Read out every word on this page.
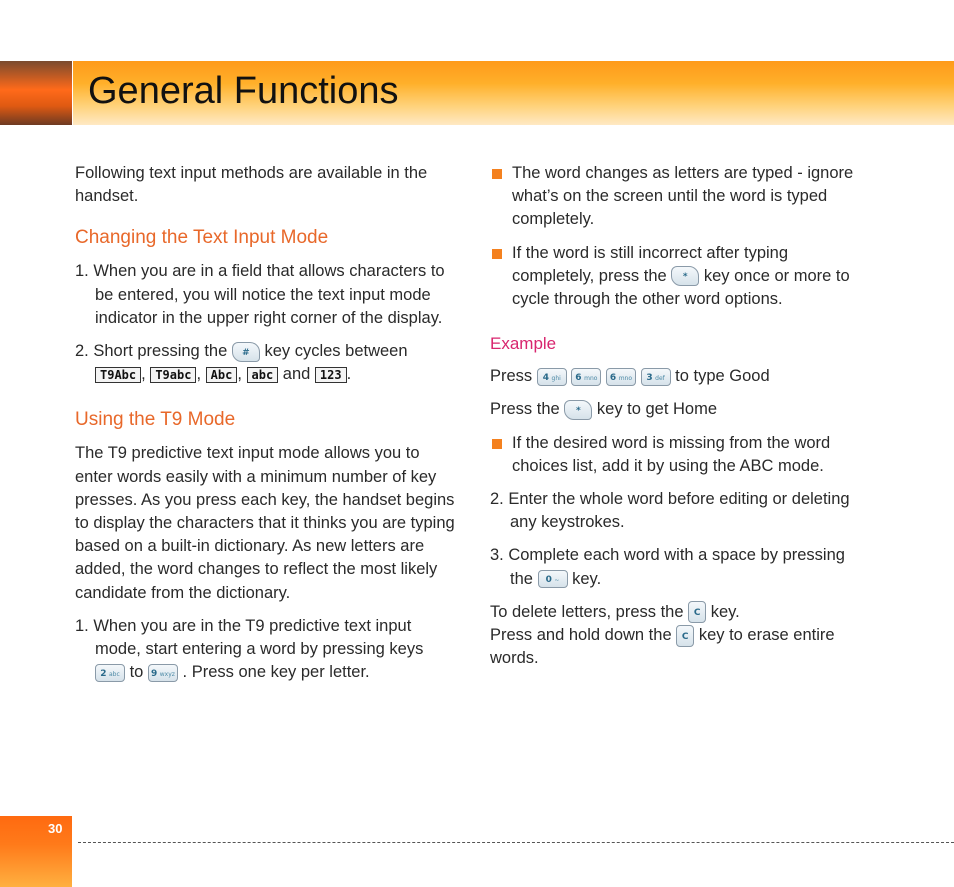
General Functions

Following text input methods are available in the handset.

Changing the Text Input Mode

1. When you are in a field that allows characters to be entered, you will notice the text input mode indicator in the upper right corner of the display.

2. Short pressing the # key cycles between
T9Abc , T9abc , Abc , abc and 123 .

Using the T9 Mode

The T9 predictive text input mode allows you to enter words easily with a minimum number of key presses. As you press each key, the handset begins to display the characters that it thinks you are typing based on a built-in dictionary. As new letters are added, the word changes to reflect the most likely candidate from the dictionary.

1. When you are in the T9 predictive text input mode, start entering a word by pressing keys 2 abc to 9 wxyz . Press one key per letter.

The word changes as letters are typed - ignore what’s on the screen until the word is typed completely.

If the word is still incorrect after typing completely, press the * key once or more to cycle through the other word options.

Example

Press 4 ghi 6 mno 6 mno 3 def to type Good

Press the * key to get Home

If the desired word is missing from the word choices list, add it by using the ABC mode.

2. Enter the whole word before editing or deleting any keystrokes.

3. Complete each word with a space by pressing the 0 ~ key.

To delete letters, press the C key.

Press and hold down the C key to erase entire words.

30
